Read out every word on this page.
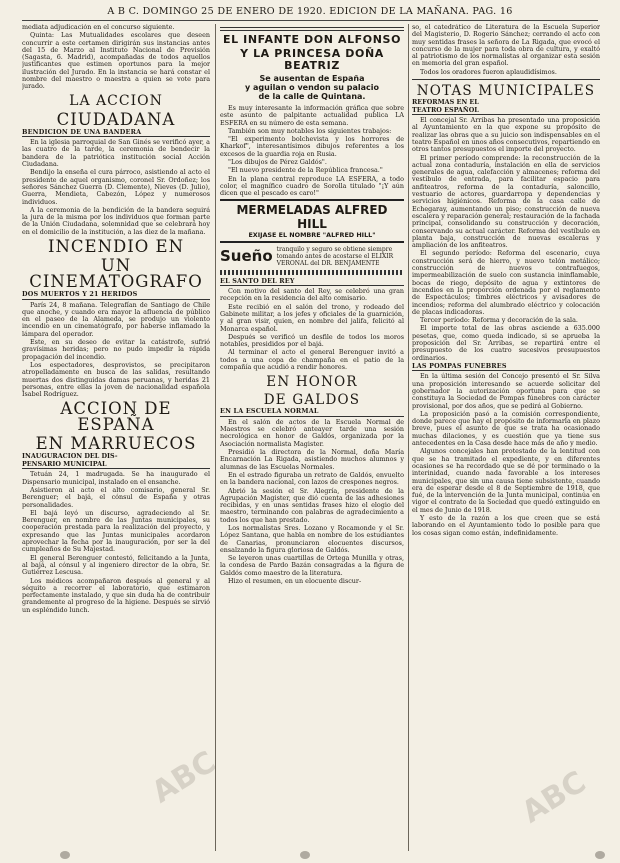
A B C. DOMINGO 25 DE ENERO DE 1920. EDICION DE LA MAÑANA. PAG. 16

mediata adjudicación en el concurso siguiente.

Quinta: Las Mutualidades escolares que deseen concurrir a este certamen dirigirán sus instancias antes del 15 de Marzo al Instituto Nacional de Previsión (Sagasta, 6. Madrid), acompañadas de todos aquellos justificantes que estimen oportunos para la mejor ilustración del Jurado. En la instancia se hará constar el nombre del maestro o maestra a quien se vote para jurado.

LA ACCION
CIUDADANA
BENDICION DE UNA BANDERA

En la iglesia parroquial de San Ginés se verificó ayer, a las cuatro de la tarde, la ceremonia de bendecir la bandera de la patriótica institución social Acción Ciudadana.

Bendijo la enseña el cura párroco, asistiendo al acto el presidente de aquel organismo, coronel Sr. Ordoñez; los señores Sánchez Guerra (D. Clemente), Nieves (D. Julio), Guerra, Mendieta, Cabezón, López y numerosos individuos.

A la ceremonia de la bendición de la bandera seguirá la jura de la misma por los individuos que forman parte de la Unión Ciudadana, solemnidad que se celebrará hoy en el domicilio de la institución, a las diez de la mañana.

INCENDIO EN
UN CINEMATOGRAFO
DOS MUERTOS Y 21 HERIDOS

París 24, 8 mañana. Telegrafían de Santiago de Chile que anoche, y cuando era mayor la afluencia de público en el paseo de la Alameda, se produjo un violento incendio en un cinematógrafo, por haberse inflamado la lámpara del operador.

Este, en su deseo de evitar la catástrofe, sufrió gravísimas heridas; pero no pudo impedir la rápida propagación del incendio.

Los espectadores, desprovistos, se precipitaron atropelladamente en busca de las salidas, resultando muertas dos distinguidas damas peruanas, y heridas 21 personas, entre ellas la joven de nacionalidad española Isabel Rodríguez.

ACCION DE ESPAÑA
EN MARRUECOS
INAUGURACION DEL DIS-
PENSARIO MUNICIPAL

Tetuán 24, 1 madrugada. Se ha inaugurado el Dispensario municipal, instalado en el ensanche.

Asistieron al acto el alto comisario, general Sr. Berenguer; el bajá, el cónsul de España y otras personalidades.

El bajá leyó un discurso, agradeciendo al Sr. Berenguer, en nombre de las Juntas municipales, su cooperación prestada para la realización del proyecto, y expresando que las Juntas municipales acordaron aprovechar la fecha por la inauguración, por ser la del cumpleaños de Su Majestad.

El general Berenguer contestó, felicitando a la Junta, al bajá, al cónsul y al ingeniero director de la obra, Sr. Gutiérrez Lescusa.

Los médicos acompañaron después al general y al séquito a recorrer el laboratorio, que estimaron perfectamente instalado, y que sin duda ha de contribuir grandemente al progreso de la higiene. Después se sirvió un espléndido lunch.

EL INFANTE DON ALFONSO
Y LA PRINCESA DOÑA BEATRIZ
Se ausentan de España
y aguilan o vendon su palacio
de la calle de Quintana.

Es muy interesante la información gráfica que sobre este asunto de palpitante actualidad publica LA ESFERA en su número de esta semana.

También son muy notables los siguientes trabajos:

"El experimento bolchevista y los horrores de Kharkof", interesantísimos dibujos referentes a los excesos de la guardia roja en Rusia.

"Los dibujos de Pérez Galdós".

"El nuevo presidente de la República francesa."

En la plana central reproduce LA ESFERA, a todo color, el magnífico cuadro de Sorolla titulado "¡Y aún dicen que el pescado es caro!"

MERMELADAS ALFRED HILL
EXIJASE EL NOMBRE "ALFRED HILL"
Sueño tranquilo y seguro se obtiene siempre tomando antes de acostarse el ELIXIR VERONAL del DR. BENJAMENTE
EL SANTO DEL REY

Con motivo del santo del Rey, se celebró una gran recepción en la residencia del alto comisario.

Este recibió en el salón del trono, y rodeado del Gabinete militar, a los jefes y oficiales de la guarnición, y al gran visir, quien, en nombre del jalifa, felicitó al Monarca español.

Después se verificó un desfile de todos los moros notables, presididos por el bajá.

Al terminar el acto el general Berenguer invitó a todos a una copa de champaña en el patio de la compañía que acudió a rendir honores.

EN HONOR
DE GALDOS
EN LA ESCUELA NORMAL

En el salón de actos de la Escuela Normal de Maestros se celebró anteayer tarde una sesión necrológica en honor de Galdós, organizada por la Asociación normalista Magister.

Presidió la directora de la Normal, doña María Encarnación La Rigada, asistiendo muchos alumnos y alumnas de las Escuelas Normales.

En el estrado figuraba un retrato de Galdós, envuelto en la bandera nacional, con lazos de crespones negros.

Abrió la sesión el Sr. Alegría, presidente de la Agrupación Magister, que dió cuenta de las adhesiones recibidas, y en unas sentidas frases hizo el elogio del maestro, terminando con palabras de agradecimiento a todos los que han prestado.

Los normalistas Sres. Lozano y Rocamonde y el Sr. López Santana, que habla en nombre de los estudiantes de Canarias, pronunciaron elocuentes discursos, ensalzando la figura gloriosa de Galdós.

Se leyeron unas cuartillas de Ortega Munilla y otras, la condesa de Pardo Bazán consagradas a la figura de Galdós como maestro de la literatura.

Hizo el resumen, en un elocuente discur-

so, el catedrático de Literatura de la Escuela Superior del Magisterio, D. Rogerio Sánchez; cerrando el acto con muy sentidas frases la señora de La Rigada, que evocó el concurso de la mujer para toda obra de cultura, y exaltó al patriotismo de los normalistas al organizar esta sesión en memoria del gran español.

Todos los oradores fueron aplaudidísimos.

NOTAS MUNICIPALES
REFORMAS EN EL
TEATRO ESPAÑOL

El concejal Sr. Arribas ha presentado una proposición al Ayuntamiento en la que expone su propósito de realizar las obras que a su juicio son indispensables en el teatro Español en unos años consecutivos, repartiendo en otros tantos presupuestos el importe del proyecto.

El primer período comprende: la reconstrucción de la actual zona contaduría, instalación en ella de servicios generales de agua, calefacción y almacenes; reforma del vestíbulo de entrada, para facilitar espacio para anfiteatros, reforma de la contaduría, saloncillo, vestuario de actores, guardarropa y dependencias y servicios higiénicos. Reforma de la casa calle de Echegaray, aumentando un piso; construcción de nueva escalera y reparación general; restauración de la fachada principal, consolidando su construcción y decoración, conservando su actual carácter. Reforma del vestíbulo en planta baja, construcción de nuevas escaleras y ampliación de los anfiteatros.

El segundo período: Reforma del escenario, cuya construcción será de hierro, y nuevo telón metálico; construcción de nuevos contrafuegos, impermeabilización de suelo con sustancia ininflamable, bocas de riego, depósito de agua y extintores de incendios en la proporción ordenada por el reglamento de Espectáculos; timbres eléctricos y avisadores de incendios; reforma del alumbrado eléctrico y colocación de placas indicadoras.

Tercer período: Reforma y decoración de la sala.

El importe total de las obras asciende a 635.000 pesetas, que, como queda indicado, si se aprueba la proposición del Sr. Arribas, se repartirá entre el presupuesto de los cuatro sucesivos presupuestos ordinarios.

LAS POMPAS FUNEBRES

En la última sesión del Concejo presentó el Sr. Silva una proposición interesando se acuerde solicitar del gobernador la autorización oportuna para que se constituya la Sociedad de Pompas fúnebres con carácter provisional, por dos años, que se pedirá al Gobierno.

La proposición pasó a la comisión correspondiente, donde parece que hay el propósito de informarla en plazo breve, pues el asunto de que se trata ha ocasionado muchas dilaciones, y es cuestión que ya tiene sus antecedentes en la Casa desde hace más de año y medio.

Algunos concejales han protestado de la lentitud con que se ha tramitado el expediente, y en diferentes ocasiones se ha recordado que se dé por terminado o la interinidad, cuando nada favorable a los intereses municipales, que sin una causa tiene subsistente, cuando era de esperar desde el 8 de Septiembre de 1918, que fué, de la intervención de la Junta municipal, continúa en vigor el contrato de la Sociedad que quedó extinguido en el mes de Junio de 1918.

Y esto de la razón a los que creen que se está laborando en el Ayuntamiento todo lo posible para que los cosas sigan como están, indefinidamente.

ABC	ABC
